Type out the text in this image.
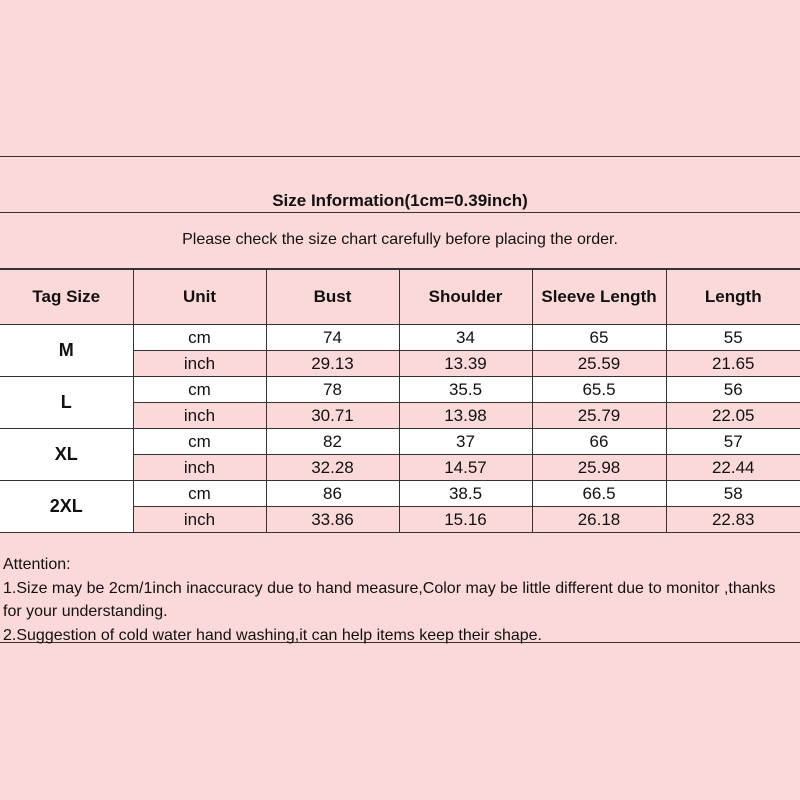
Size Information(1cm=0.39inch)
Please check the size chart carefully before placing the order.
Tag Size	Unit	Bust	Shoulder	Sleeve Length	Length
M	cm	74	34	65	55
	inch	29.13	13.39	25.59	21.65
L	cm	78	35.5	65.5	56
	inch	30.71	13.98	25.79	22.05
XL	cm	82	37	66	57
	inch	32.28	14.57	25.98	22.44
2XL	cm	86	38.5	66.5	58
	inch	33.86	15.16	26.18	22.83
Attention:
1.Size may be 2cm/1inch inaccuracy due to hand measure,Color may be little different due to monitor ,thanks for your understanding.
2.Suggestion of cold water hand washing,it can help items keep their shape.
